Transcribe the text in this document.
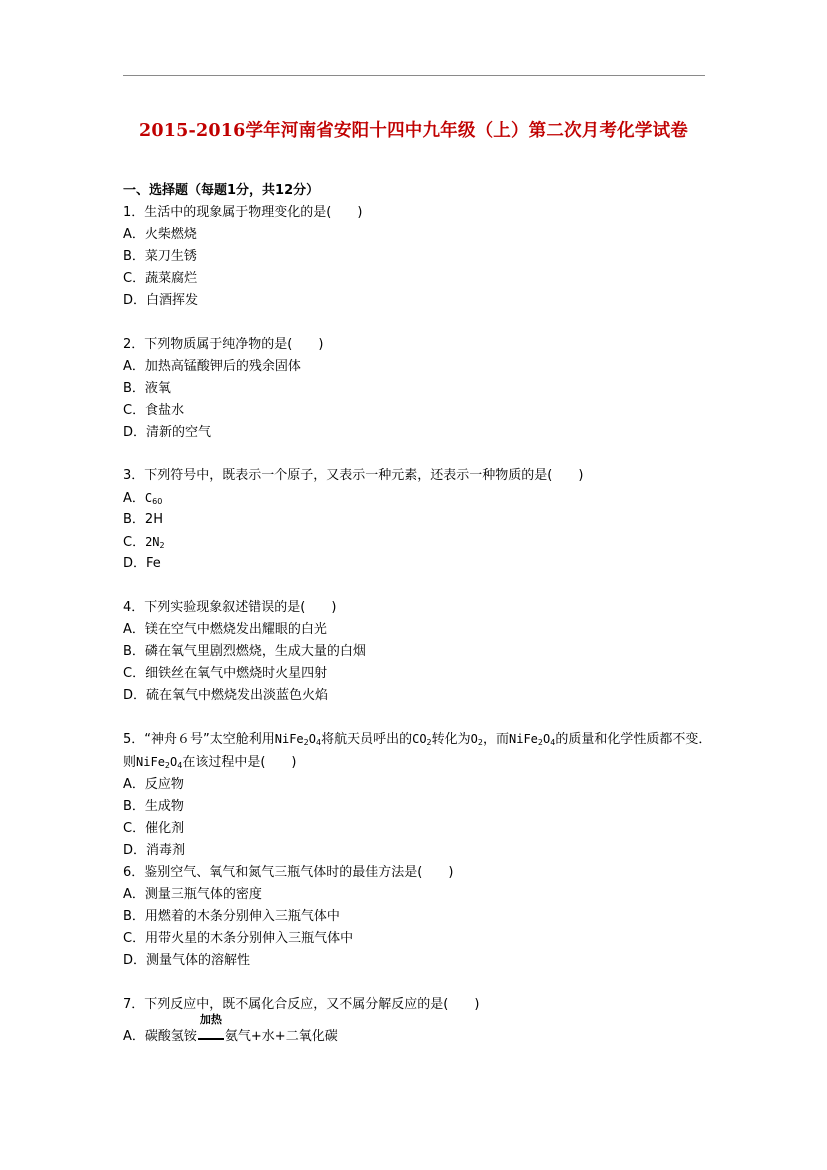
2015-2016学年河南省安阳十四中九年级（上）第二次月考化学试卷
一、选择题（每题1分，共12分）
1．生活中的现象属于物理变化的是(　　)
A．火柴燃烧
B．菜刀生锈
C．蔬菜腐烂
D．白酒挥发
2．下列物质属于纯净物的是(　　)
A．加热高锰酸钾后的残余固体
B．液氧
C．食盐水
D．清新的空气
3．下列符号中，既表示一个原子，又表示一种元素，还表示一种物质的是(　　)
A．$C_{60}$
B．2H
C．$2N_2$
D．Fe
4．下列实验现象叙述错误的是(　　)
A．镁在空气中燃烧发出耀眼的白光
B．磷在氧气里剧烈燃烧，生成大量的白烟
C．细铁丝在氧气中燃烧时火星四射
D．硫在氧气中燃烧发出淡蓝色火焰
5．“神舟６号”太空舱利用$NiFe_2O_4$将航天员呼出的$CO_2$转化为$O_2$，而$NiFe_2O_4$的质量和化学性质都不变．则$NiFe_2O_4$在该过程中是(　　)
A．反应物
B．生成物
C．催化剂
D．消毒剂
6．鉴别空气、氧气和氮气三瓶气体时的最佳方法是(　　)
A．测量三瓶气体的密度
B．用燃着的木条分别伸入三瓶气体中
C．用带火星的木条分别伸入三瓶气体中
D．测量气体的溶解性
7．下列反应中，既不属化合反应，又不属分解反应的是(　　)
A．碳酸氢铵
加热
氨气+水+二氧化碳
